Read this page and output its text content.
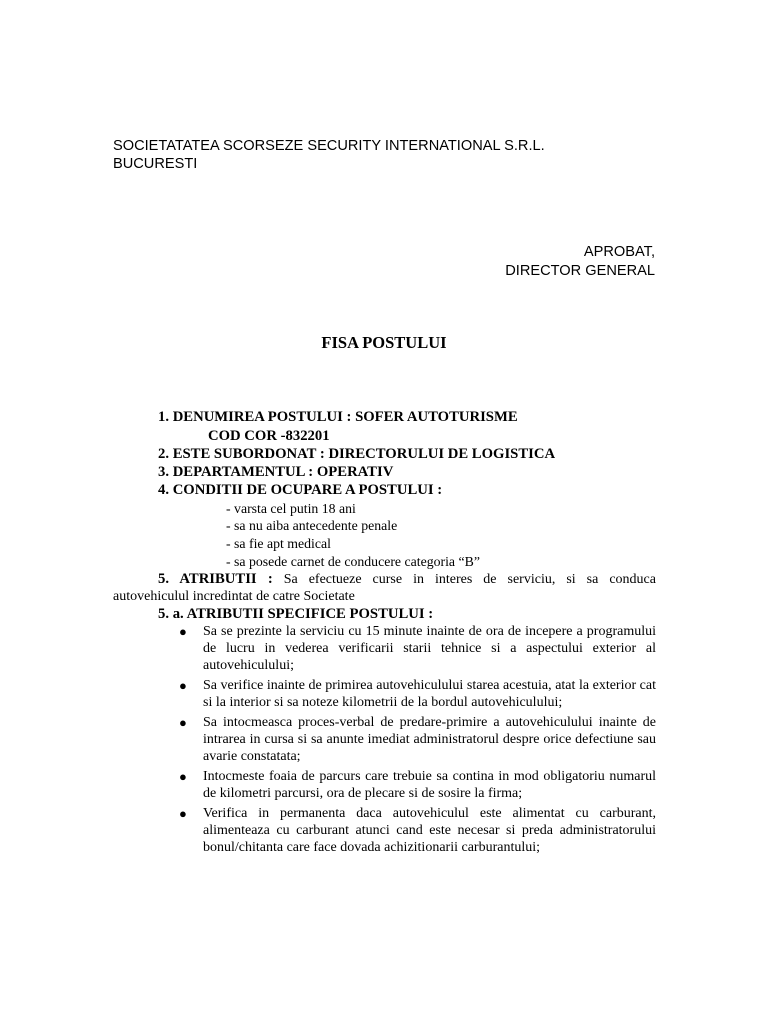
SOCIETATATEA SCORSEZE SECURITY INTERNATIONAL S.R.L.
BUCURESTI
APROBAT,
DIRECTOR GENERAL
FISA POSTULUI
1. DENUMIREA POSTULUI : SOFER AUTOTURISME
COD COR -832201
2. ESTE SUBORDONAT : DIRECTORULUI DE LOGISTICA
3. DEPARTAMENTUL : OPERATIV
4. CONDITII DE OCUPARE A POSTULUI :
- varsta cel putin 18 ani
- sa nu aiba antecedente penale
- sa fie apt medical
- sa posede carnet de conducere categoria “B”
5. ATRIBUTII : Sa efectueze curse in interes de serviciu, si sa conduca
autovehiculul incredintat de catre Societate
5. a. ATRIBUTII SPECIFICE POSTULUI :
● Sa se prezinte la serviciu cu 15 minute inainte de ora de incepere a programului de lucru in vederea verificarii starii tehnice si a aspectului exterior al autovehiculului;
● Sa verifice inainte de primirea autovehiculului starea acestuia, atat la exterior cat si la interior si sa noteze kilometrii de la bordul autovehiculului;
● Sa intocmeasca proces-verbal de predare-primire a autovehiculului inainte de intrarea in cursa si sa anunte imediat administratorul despre orice defectiune sau avarie constatata;
● Intocmeste foaia de parcurs care trebuie sa contina in mod obligatoriu numarul de kilometri parcursi, ora de plecare si de sosire la firma;
● Verifica in permanenta daca autovehiculul este alimentat cu carburant, alimenteaza cu carburant atunci cand este necesar si preda administratorului bonul/chitanta care face dovada achizitionarii carburantului;
